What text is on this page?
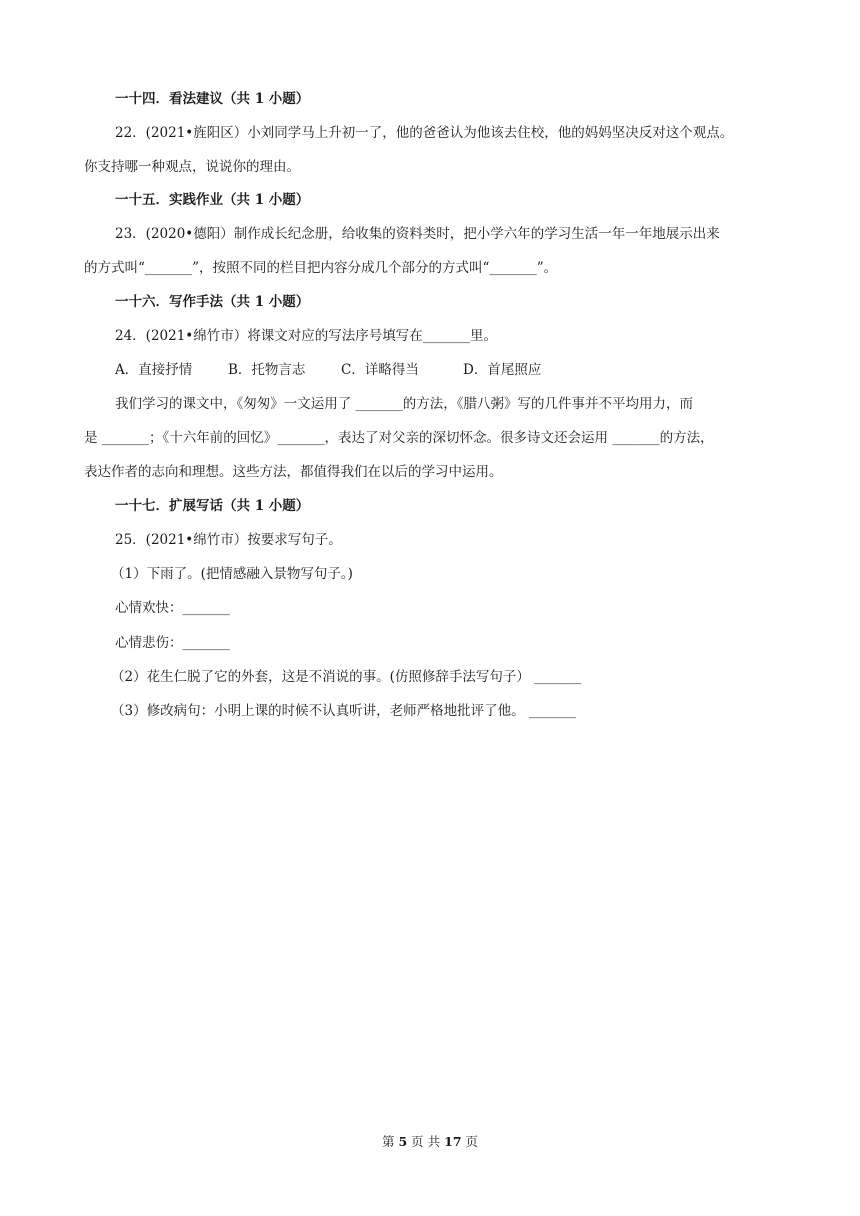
一十四．看法建议（共 1 小题）
22．(2021•旌阳区）小刘同学马上升初一了，他的爸爸认为他该去住校，他的妈妈坚决反对这个观点。
你支持哪一种观点，说说你的理由。
一十五．实践作业（共 1 小题）
23．(2020•德阳）制作成长纪念册，给收集的资料类时，把小学六年的学习生活一年一年地展示出来
的方式叫“_______”，按照不同的栏目把内容分成几个部分的方式叫“_______”。
一十六．写作手法（共 1 小题）
24．(2021•绵竹市）将课文对应的写法序号填写在_______里。
A．直接抒情	B．托物言志	C．详略得当	D．首尾照应
我们学习的课文中，《匆匆》一文运用了 _______的方法，《腊八粥》写的几件事并不平均用力，而
是 _______；《十六年前的回忆》_______，表达了对父亲的深切怀念。很多诗文还会运用 _______的方法，
表达作者的志向和理想。这些方法，都值得我们在以后的学习中运用。
一十七．扩展写话（共 1 小题）
25．(2021•绵竹市）按要求写句子。
（1）下雨了。(把情感融入景物写句子。)
心情欢快：_______
心情悲伤：_______
（2）花生仁脱了它的外套，这是不消说的事。(仿照修辞手法写句子） _______
（3）修改病句：小明上课的时候不认真听讲，老师严格地批评了他。 _______
第 5 页 共 17 页
